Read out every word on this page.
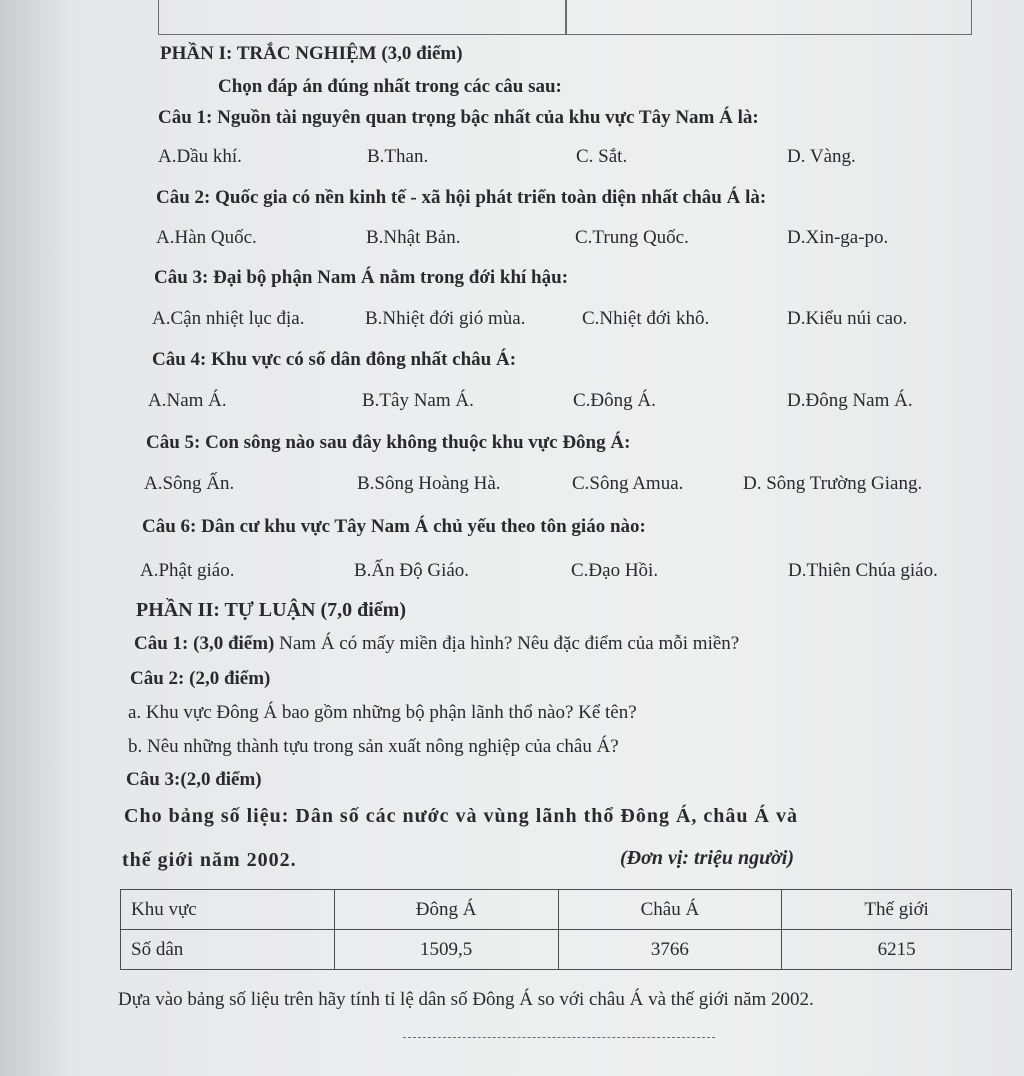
PHẦN I: TRẮC NGHIỆM (3,0 điểm)
Chọn đáp án đúng nhất trong các câu sau:
Câu 1: Nguồn tài nguyên quan trọng bậc nhất của khu vực Tây Nam Á là:
A.Dầu khí.	B.Than.	C. Sắt.	D. Vàng.
Câu 2: Quốc gia có nền kinh tế - xã hội phát triển toàn diện nhất châu Á là:
A.Hàn Quốc.	B.Nhật Bản.	C.Trung Quốc.	D.Xin-ga-po.
Câu 3: Đại bộ phận Nam Á nằm trong đới khí hậu:
A.Cận nhiệt lục địa.	B.Nhiệt đới gió mùa.	C.Nhiệt đới khô.	D.Kiểu núi cao.
Câu 4: Khu vực có số dân đông nhất châu Á:
A.Nam Á.	B.Tây Nam Á.	C.Đông Á.	D.Đông Nam Á.
Câu 5: Con sông nào sau đây không thuộc khu vực Đông Á:
A.Sông Ấn.	B.Sông Hoàng Hà.	C.Sông Amua.	D. Sông Trường Giang.
Câu 6: Dân cư khu vực Tây Nam Á chủ yếu theo tôn giáo nào:
A.Phật giáo.	B.Ấn Độ Giáo.	C.Đạo Hồi.	D.Thiên Chúa giáo.
PHẦN II: TỰ LUẬN (7,0 điểm)
Câu 1: (3,0 điểm) Nam Á có mấy miền địa hình? Nêu đặc điểm của mỗi miền?
Câu 2: (2,0 điểm)
a. Khu vực Đông Á bao gồm những bộ phận lãnh thổ nào? Kể tên?
b. Nêu những thành tựu trong sản xuất nông nghiệp của châu Á?
Câu 3:(2,0 điểm)
Cho bảng số liệu: Dân số các nước và vùng lãnh thổ Đông Á, châu Á và
thế giới năm 2002.	(Đơn vị: triệu người)
Khu vực	Đông Á	Châu Á	Thế giới
Số dân	1509,5	3766	6215
Dựa vào bảng số liệu trên hãy tính tỉ lệ dân số Đông Á so với châu Á và thế giới năm 2002.
